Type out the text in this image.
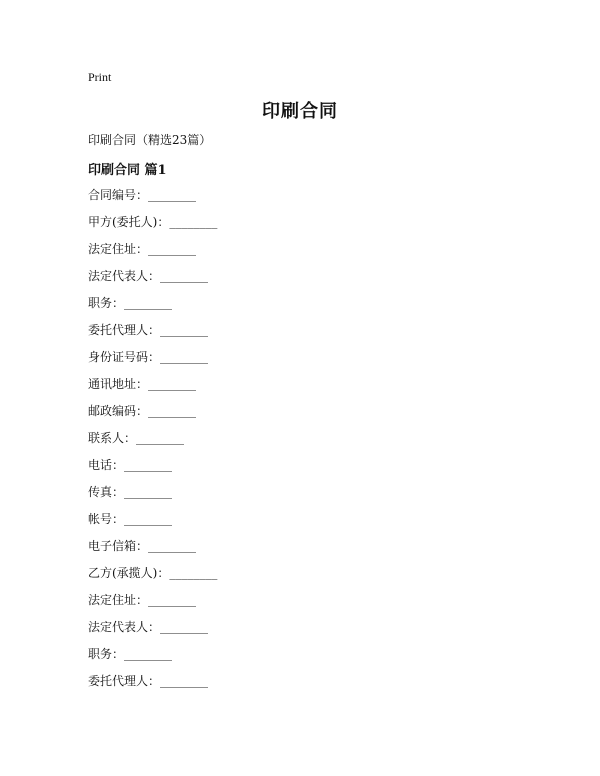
Print
印刷合同
印刷合同（精选23篇）
印刷合同 篇1
合同编号：________
甲方(委托人)：________
法定住址：________
法定代表人：________
职务：________
委托代理人：________
身份证号码：________
通讯地址：________
邮政编码：________
联系人：________
电话：________
传真：________
帐号：________
电子信箱：________
乙方(承揽人)：________
法定住址：________
法定代表人：________
职务：________
委托代理人：________
